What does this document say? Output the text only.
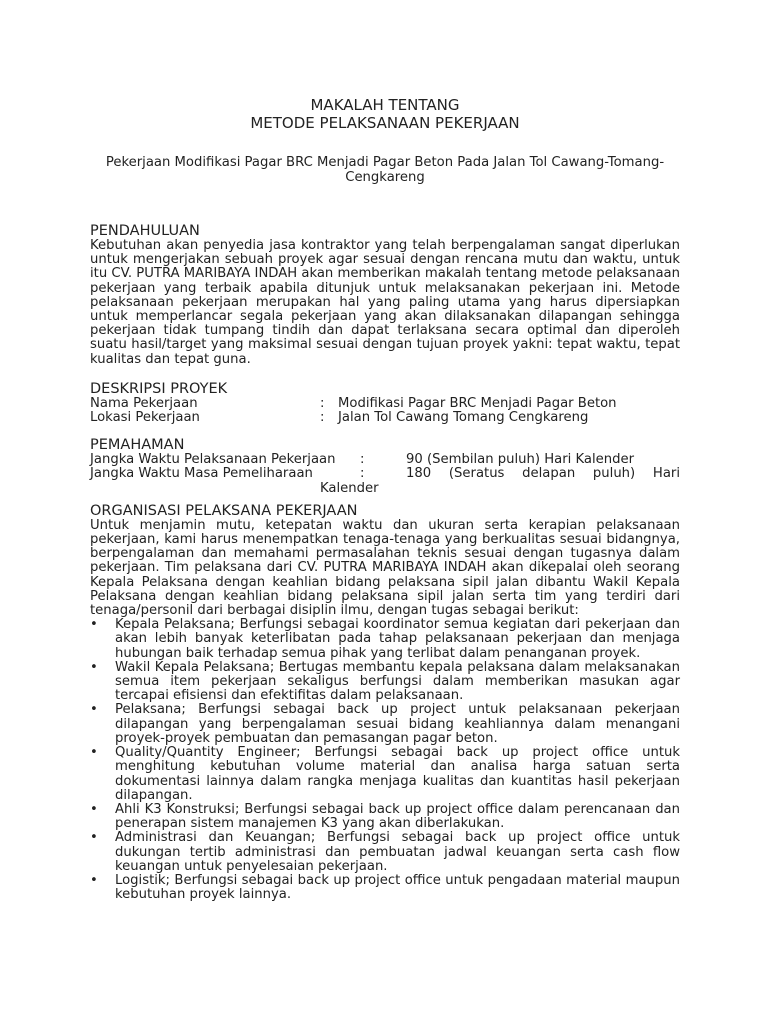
MAKALAH TENTANG
METODE PELAKSANAAN PEKERJAAN
Pekerjaan Modifikasi Pagar BRC Menjadi Pagar Beton Pada Jalan Tol Cawang-Tomang-Cengkareng
PENDAHULUAN

Kebutuhan akan penyedia jasa kontraktor yang telah berpengalaman sangat diperlukan untuk mengerjakan sebuah proyek agar sesuai dengan rencana mutu dan waktu, untuk itu CV. PUTRA MARIBAYA INDAH akan memberikan makalah tentang metode pelaksanaan pekerjaan yang terbaik apabila ditunjuk untuk melaksanakan pekerjaan ini. Metode pelaksanaan pekerjaan merupakan hal yang paling utama yang harus dipersiapkan untuk memperlancar segala pekerjaan yang akan dilaksanakan dilapangan sehingga pekerjaan tidak tumpang tindih dan dapat terlaksana secara optimal dan diperoleh suatu hasil/target yang maksimal sesuai dengan tujuan proyek yakni: tepat waktu, tepat kualitas dan tepat guna.

DESKRIPSI PROYEK
Nama Pekerjaan	:	Modifikasi Pagar BRC Menjadi Pagar Beton
Lokasi Pekerjaan	:	Jalan Tol Cawang Tomang Cengkareng
PEMAHAMAN
Jangka Waktu Pelaksanaan Pekerjaan	:	90 (Sembilan puluh) Hari Kalender
Jangka Waktu Masa Pemeliharaan	:	180 (Seratus delapan puluh) Hari
Kalender
ORGANISASI PELAKSANA PEKERJAAN

Untuk menjamin mutu, ketepatan waktu dan ukuran serta kerapian pelaksanaan pekerjaan, kami harus menempatkan tenaga-tenaga yang berkualitas sesuai bidangnya, berpengalaman dan memahami permasalahan teknis sesuai dengan tugasnya dalam pekerjaan. Tim pelaksana dari CV. PUTRA MARIBAYA INDAH akan dikepalai oleh seorang Kepala Pelaksana dengan keahlian bidang pelaksana sipil jalan dibantu Wakil Kepala Pelaksana dengan keahlian bidang pelaksana sipil jalan serta tim yang terdiri dari tenaga/personil dari berbagai disiplin ilmu, dengan tugas sebagai berikut:

• Kepala Pelaksana; Berfungsi sebagai koordinator semua kegiatan dari pekerjaan dan akan lebih banyak keterlibatan pada tahap pelaksanaan pekerjaan dan menjaga hubungan baik terhadap semua pihak yang terlibat dalam penanganan proyek.
• Wakil Kepala Pelaksana; Bertugas membantu kepala pelaksana dalam melaksanakan semua item pekerjaan sekaligus berfungsi dalam memberikan masukan agar tercapai efisiensi dan efektifitas dalam pelaksanaan.
• Pelaksana; Berfungsi sebagai back up project untuk pelaksanaan pekerjaan dilapangan yang berpengalaman sesuai bidang keahliannya dalam menangani proyek-proyek pembuatan dan pemasangan pagar beton.
• Quality/Quantity Engineer; Berfungsi sebagai back up project office untuk menghitung kebutuhan volume material dan analisa harga satuan serta dokumentasi lainnya dalam rangka menjaga kualitas dan kuantitas hasil pekerjaan dilapangan.
• Ahli K3 Konstruksi; Berfungsi sebagai back up project office dalam perencanaan dan penerapan sistem manajemen K3 yang akan diberlakukan.
• Administrasi dan Keuangan; Berfungsi sebagai back up project office untuk dukungan tertib administrasi dan pembuatan jadwal keuangan serta cash flow keuangan untuk penyelesaian pekerjaan.
• Logistik; Berfungsi sebagai back up project office untuk pengadaan material maupun kebutuhan proyek lainnya.
